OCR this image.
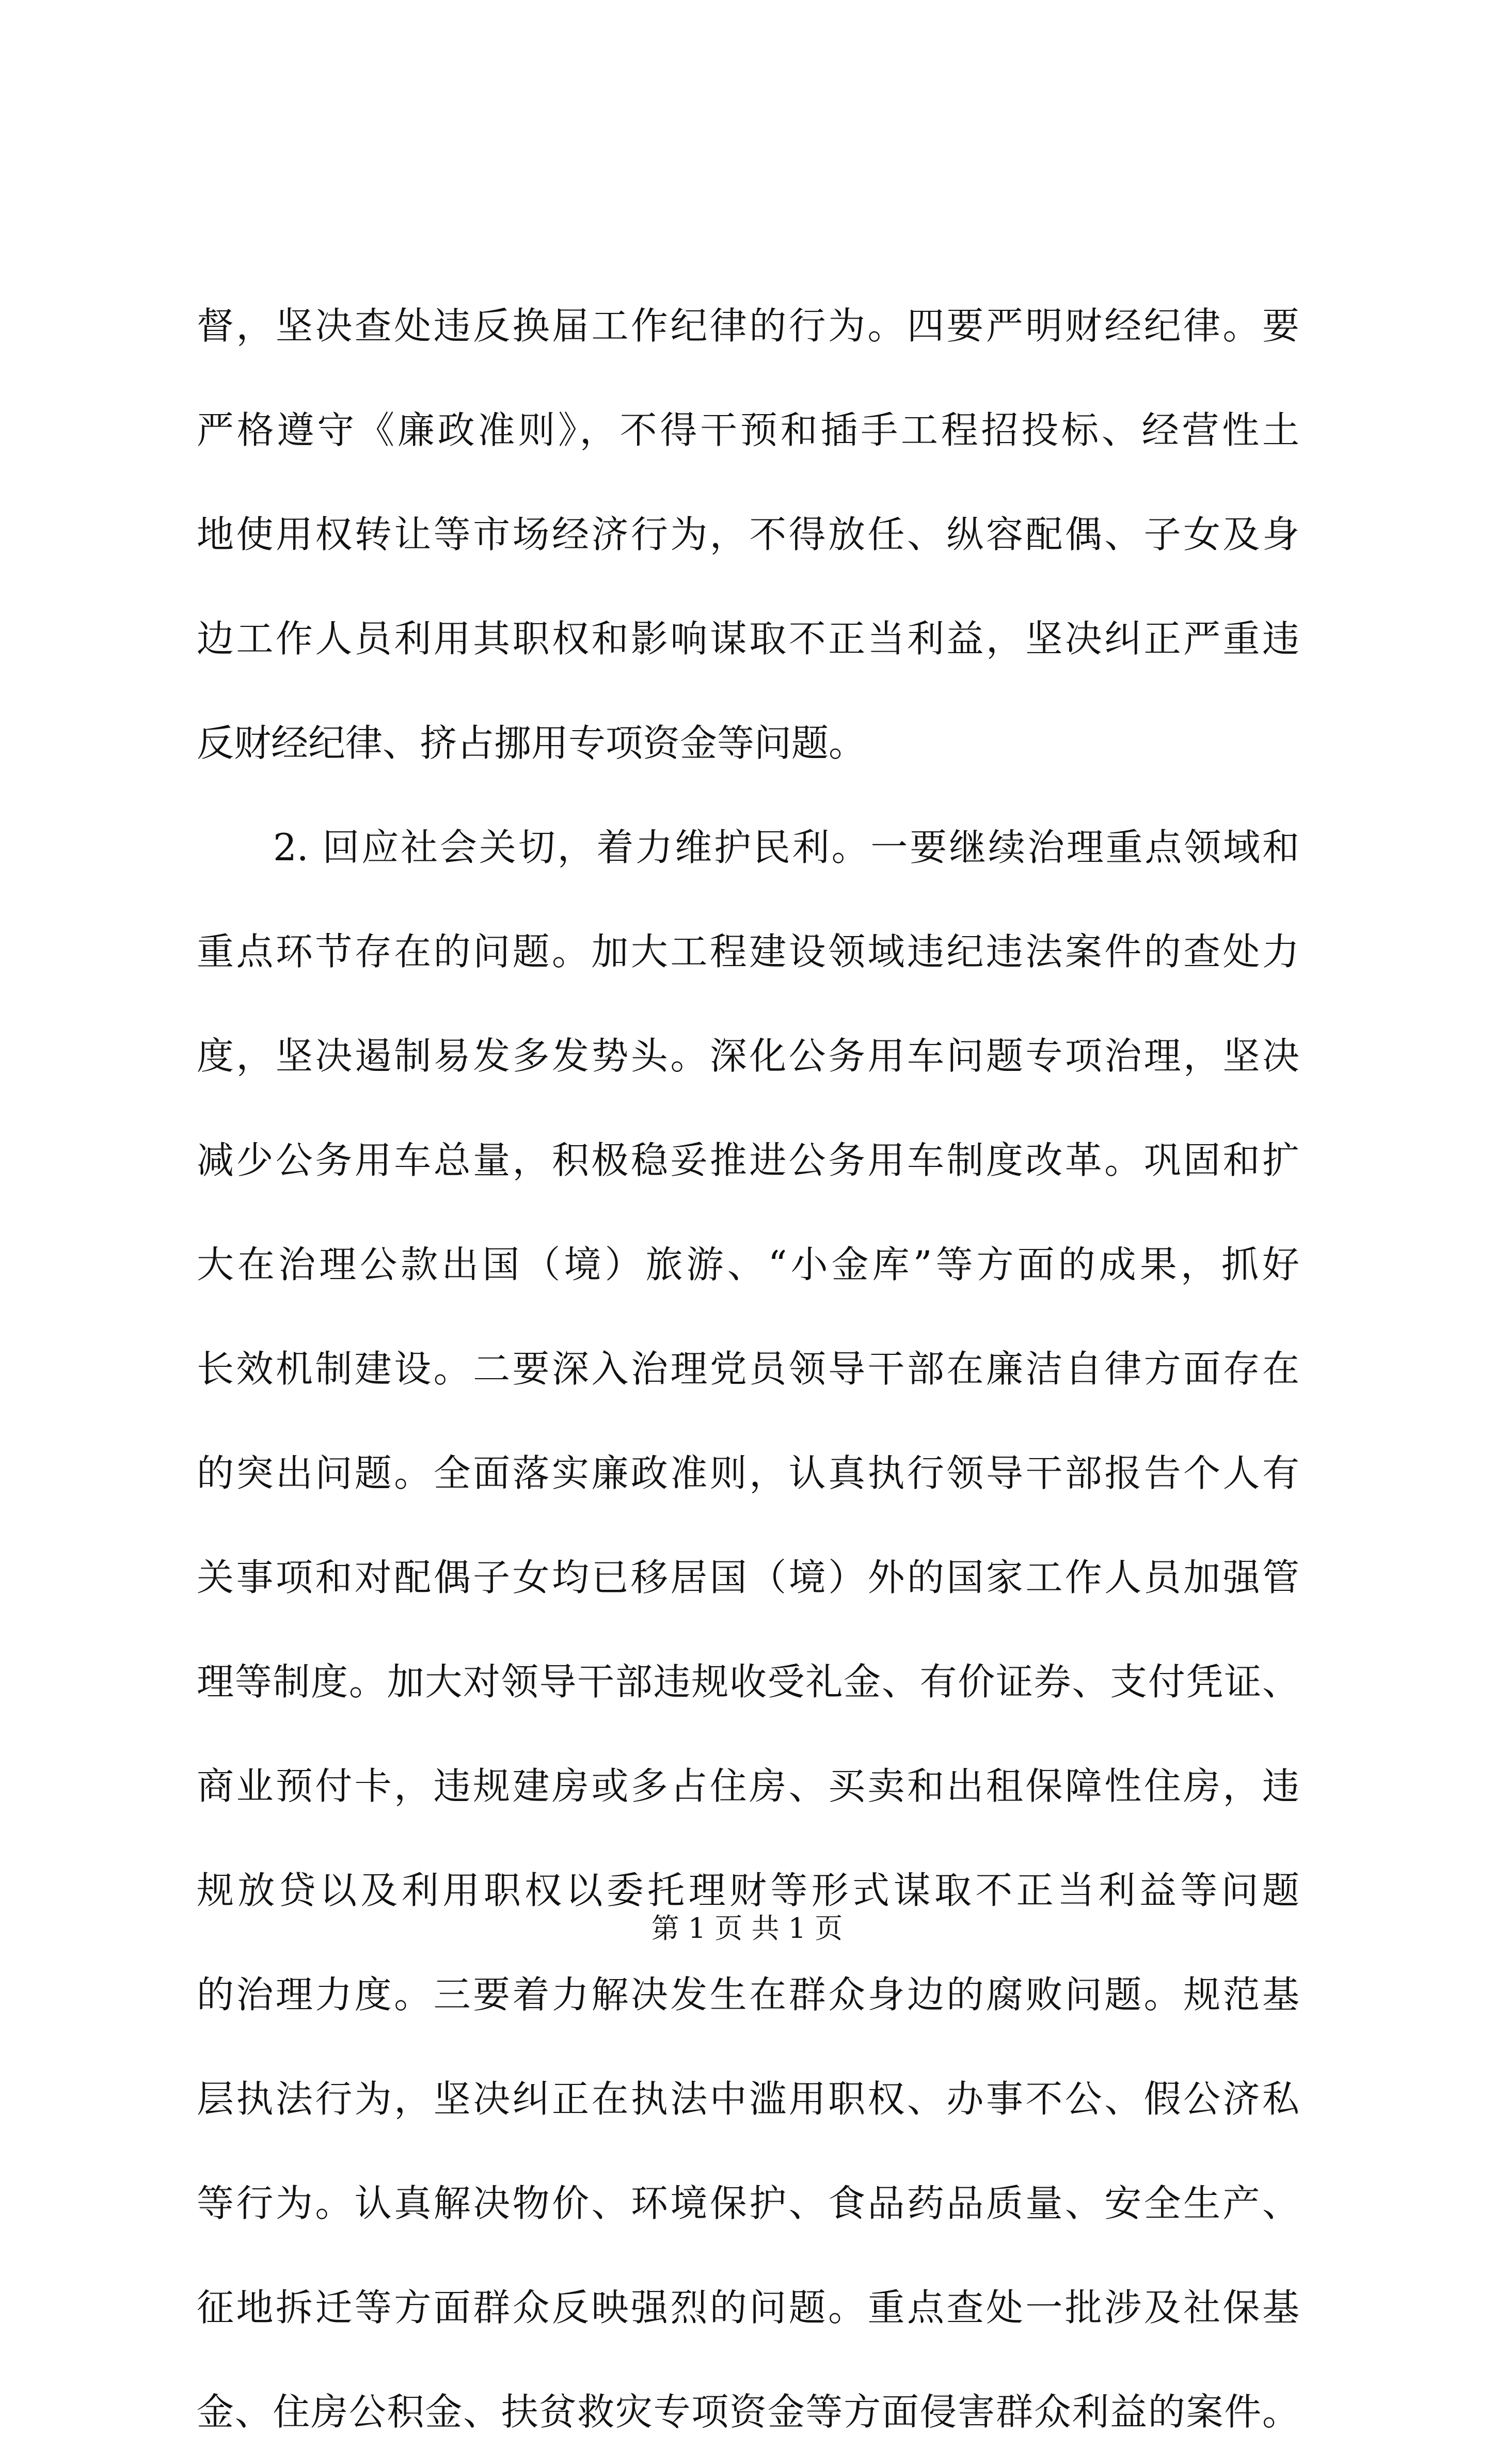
督，坚决查处违反换届工作纪律的行为。四要严明财经纪律。要
严格遵守《廉政准则》，不得干预和插手工程招投标、经营性土
地使用权转让等市场经济行为，不得放任、纵容配偶、子女及身
边工作人员利用其职权和影响谋取不正当利益，坚决纠正严重违
反财经纪律、挤占挪用专项资金等问题。
2. 回应社会关切，着力维护民利。一要继续治理重点领域和
重点环节存在的问题。加大工程建设领域违纪违法案件的查处力
度，坚决遏制易发多发势头。深化公务用车问题专项治理，坚决
减少公务用车总量，积极稳妥推进公务用车制度改革。巩固和扩
大在治理公款出国（境）旅游、“小金库”等方面的成果，抓好
长效机制建设。二要深入治理党员领导干部在廉洁自律方面存在
的突出问题。全面落实廉政准则，认真执行领导干部报告个人有
关事项和对配偶子女均已移居国（境）外的国家工作人员加强管
理等制度。加大对领导干部违规收受礼金、有价证券、支付凭证、
商业预付卡，违规建房或多占住房、买卖和出租保障性住房，违
规放贷以及利用职权以委托理财等形式谋取不正当利益等问题
的治理力度。三要着力解决发生在群众身边的腐败问题。规范基
层执法行为，坚决纠正在执法中滥用职权、办事不公、假公济私
等行为。认真解决物价、环境保护、食品药品质量、安全生产、
征地拆迁等方面群众反映强烈的问题。重点查处一批涉及社保基
金、住房公积金、扶贫救灾专项资金等方面侵害群众利益的案件。
第 1 页 共 1 页
